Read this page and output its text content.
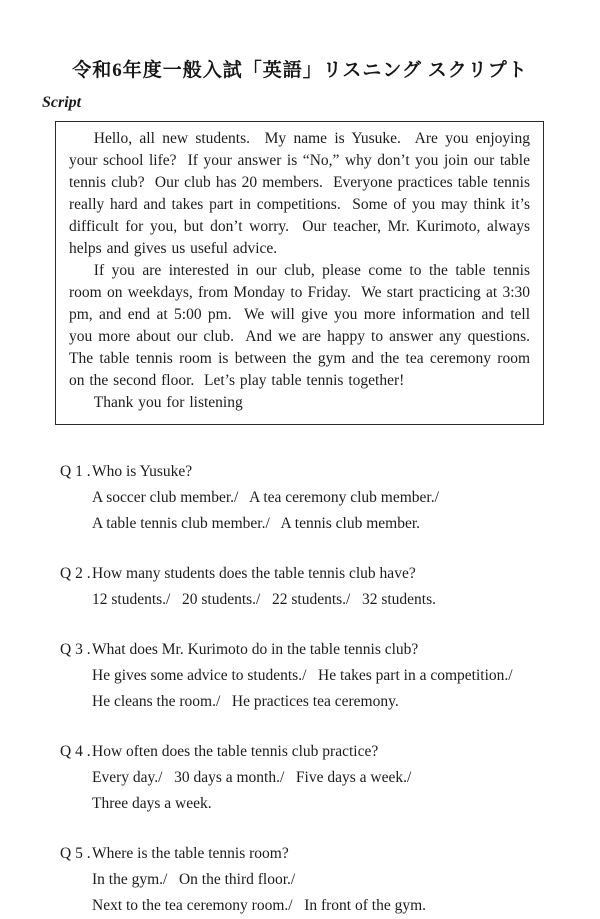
令和6年度一般入試「英語」リスニング スクリプト
Script

Hello, all new students.  My name is Yusuke.  Are you enjoying your school life?  If your answer is “No,” why don’t you join our table tennis club?  Our club has 20 members.  Everyone practices table tennis really hard and takes part in competitions.  Some of you may think it’s difficult for you, but don’t worry.  Our teacher, Mr. Kurimoto, always helps and gives us useful advice.

If you are interested in our club, please come to the table tennis room on weekdays, from Monday to Friday.  We start practicing at 3:30 pm, and end at 5:00 pm.  We will give you more information and tell you more about our club.  And we are happy to answer any questions.  The table tennis room is between the gym and the tea ceremony room on the second floor.  Let’s play table tennis together!

Thank you for listening

Q 1 . Who is Yusuke?
A soccer club member./   A tea ceremony club member./
A table tennis club member./   A tennis club member.
Q 2 . How many students does the table tennis club have?
12 students./   20 students./   22 students./   32 students.
Q 3 . What does Mr. Kurimoto do in the table tennis club?
He gives some advice to students./   He takes part in a competition./
He cleans the room./   He practices tea ceremony.
Q 4 . How often does the table tennis club practice?
Every day./   30 days a month./   Five days a week./
Three days a week.
Q 5 . Where is the table tennis room?
In the gym./   On the third floor./
Next to the tea ceremony room./   In front of the gym.
